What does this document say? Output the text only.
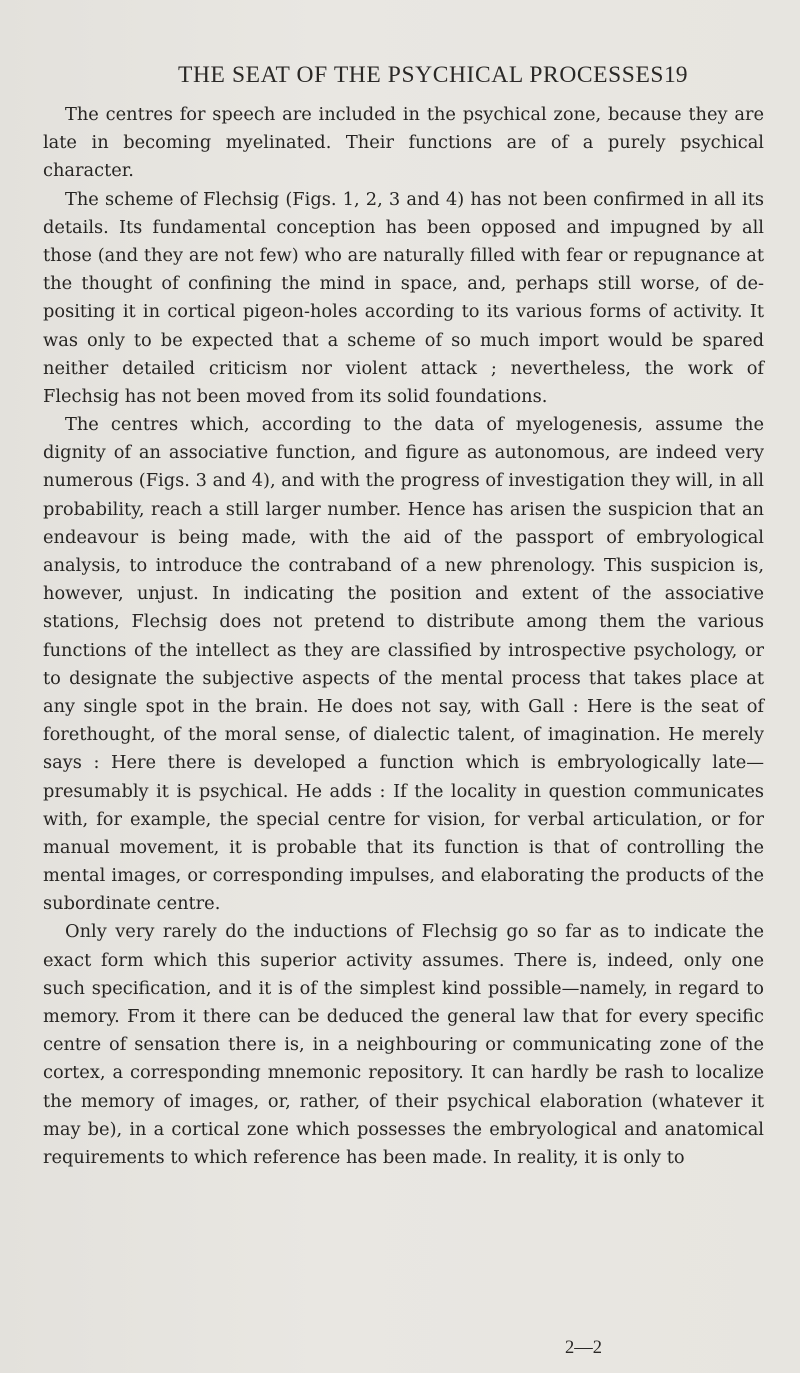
THE SEAT OF THE PSYCHICAL PROCESSES 19

The centres for speech are included in the psychical zone, because they are late in becoming myelinated. Their functions are of a purely psychical character.

The scheme of Flechsig (Figs. 1, 2, 3 and 4) has not been confirmed in all its details. Its fundamental conception has been opposed and impugned by all those (and they are not few) who are naturally filled with fear or repugnance at the thought of confining the mind in space, and, perhaps still worse, of depositing it in cortical pigeon-holes according to its various forms of activity. It was only to be expected that a scheme of so much import would be spared neither detailed criticism nor violent attack ; nevertheless, the work of Flechsig has not been moved from its solid foundations.

The centres which, according to the data of myelogenesis, assume the dignity of an associative function, and figure as autonomous, are indeed very numerous (Figs. 3 and 4), and with the progress of investigation they will, in all probability, reach a still larger number. Hence has arisen the suspicion that an endeavour is being made, with the aid of the passport of embryological analysis, to introduce the contraband of a new phrenology. This suspicion is, however, unjust. In indicating the position and extent of the associative stations, Flechsig does not pretend to distribute among them the various functions of the intellect as they are classified by introspective psychology, or to designate the subjective aspects of the mental process that takes place at any single spot in the brain. He does not say, with Gall : Here is the seat of forethought, of the moral sense, of dialectic talent, of imagination. He merely says : Here there is developed a function which is embryologically late—presumably it is psychical. He adds : If the locality in question communicates with, for example, the special centre for vision, for verbal articulation, or for manual movement, it is probable that its function is that of controlling the mental images, or corresponding impulses, and elaborating the products of the subordinate centre.

Only very rarely do the inductions of Flechsig go so far as to indicate the exact form which this superior activity assumes. There is, indeed, only one such specification, and it is of the simplest kind possible—namely, in regard to memory. From it there can be deduced the general law that for every specific centre of sensation there is, in a neighbouring or communicating zone of the cortex, a corresponding mnemonic repository. It can hardly be rash to localize the memory of images, or, rather, of their psychical elaboration (whatever it may be), in a cortical zone which possesses the embryological and anatomical requirements to which reference has been made. In reality, it is only to

2—2
